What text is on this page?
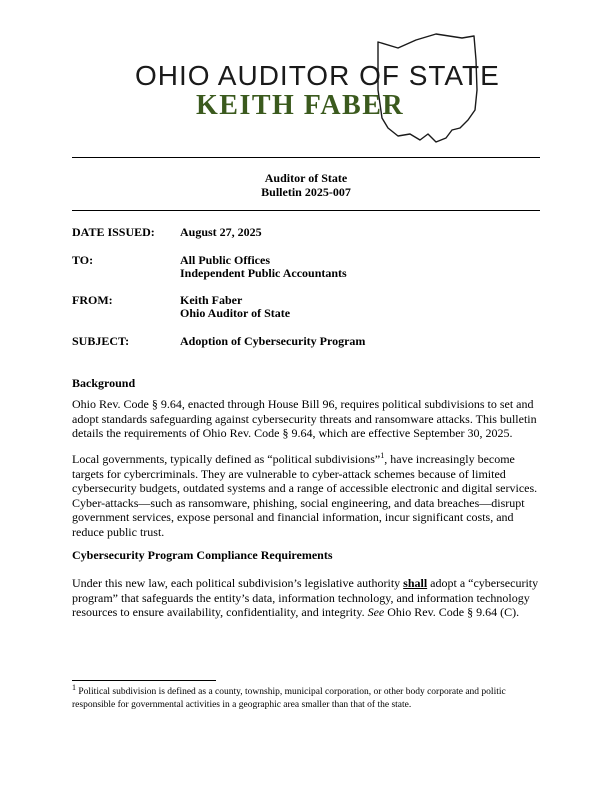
OHIO AUDITOR OF STATE
KEITH FABER
Auditor of State
Bulletin 2025-007
DATE ISSUED: August 27, 2025
TO:	All Public Offices
Independent Public Accountants
FROM:	Keith Faber
Ohio Auditor of State
SUBJECT:	Adoption of Cybersecurity Program
Background
Ohio Rev. Code § 9.64, enacted through House Bill 96, requires political subdivisions to set and
adopt standards safeguarding against cybersecurity threats and ransomware attacks. This bulletin
details the requirements of Ohio Rev. Code § 9.64, which are effective September 30, 2025.
Local governments, typically defined as “political subdivisions”$^1$, have increasingly become
targets for cybercriminals. They are vulnerable to cyber-attack schemes because of limited
cybersecurity budgets, outdated systems and a range of accessible electronic and digital services.
Cyber-attacks—such as ransomware, phishing, social engineering, and data breaches—disrupt
government services, expose personal and financial information, incur significant costs, and
reduce public trust.
Cybersecurity Program Compliance Requirements
Under this new law, each political subdivision’s legislative authority shall adopt a “cybersecurity
program” that safeguards the entity’s data, information technology, and information technology
resources to ensure availability, confidentiality, and integrity. See Ohio Rev. Code § 9.64 (C).
$^1$ Political subdivision is defined as a county, township, municipal corporation, or other body corporate and politic
responsible for governmental activities in a geographic area smaller than that of the state.
